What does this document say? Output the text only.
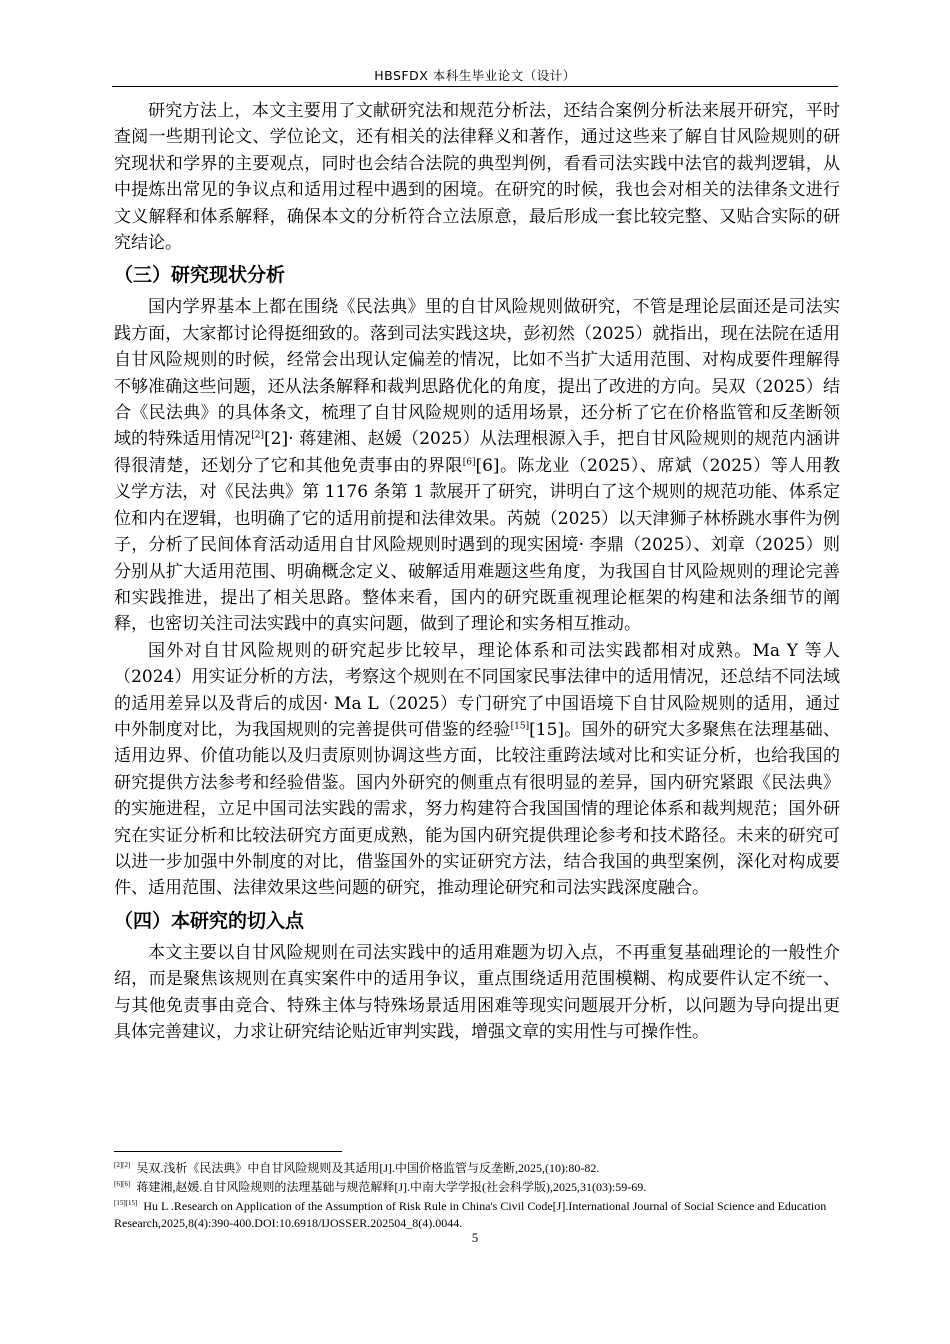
HBSFDX 本科生毕业论文（设计）

研究方法上，本文主要用了文献研究法和规范分析法，还结合案例分析法来展开研究，平时查阅一些期刊论文、学位论文，还有相关的法律释义和著作，通过这些来了解自甘风险规则的研究现状和学界的主要观点，同时也会结合法院的典型判例，看看司法实践中法官的裁判逻辑，从中提炼出常见的争议点和适用过程中遇到的困境。在研究的时候，我也会对相关的法律条文进行文义解释和体系解释，确保本文的分析符合立法原意，最后形成一套比较完整、又贴合实际的研究结论。

（三）研究现状分析

国内学界基本上都在围绕《民法典》里的自甘风险规则做研究，不管是理论层面还是司法实践方面，大家都讨论得挺细致的。落到司法实践这块，彭初然（2025）就指出，现在法院在适用自甘风险规则的时候，经常会出现认定偏差的情况，比如不当扩大适用范围、对构成要件理解得不够准确这些问题，还从法条解释和裁判思路优化的角度，提出了改进的方向。吴双（2025）结合《民法典》的具体条文，梳理了自甘风险规则的适用场景，还分析了它在价格监管和反垄断领域的特殊适用情况[2][2]· 蒋建湘、赵媛（2025）从法理根源入手，把自甘风险规则的规范内涵讲得很清楚，还划分了它和其他免责事由的界限[6][6]。陈龙业（2025）、席斌（2025）等人用教义学方法，对《民法典》第 1176 条第 1 款展开了研究，讲明白了这个规则的规范功能、体系定位和内在逻辑，也明确了它的适用前提和法律效果。芮兢（2025）以天津狮子林桥跳水事件为例子，分析了民间体育活动适用自甘风险规则时遇到的现实困境· 李鼎（2025）、刘章（2025）则分别从扩大适用范围、明确概念定义、破解适用难题这些角度，为我国自甘风险规则的理论完善和实践推进，提出了相关思路。整体来看，国内的研究既重视理论框架的构建和法条细节的阐释，也密切关注司法实践中的真实问题，做到了理论和实务相互推动。

国外对自甘风险规则的研究起步比较早，理论体系和司法实践都相对成熟。Ma Y 等人（2024）用实证分析的方法，考察这个规则在不同国家民事法律中的适用情况，还总结不同法域的适用差异以及背后的成因· Ma L（2025）专门研究了中国语境下自甘风险规则的适用，通过中外制度对比，为我国规则的完善提供可借鉴的经验[15][15]。国外的研究大多聚焦在法理基础、适用边界、价值功能以及归责原则协调这些方面，比较注重跨法域对比和实证分析，也给我国的研究提供方法参考和经验借鉴。国内外研究的侧重点有很明显的差异，国内研究紧跟《民法典》的实施进程，立足中国司法实践的需求，努力构建符合我国国情的理论体系和裁判规范；国外研究在实证分析和比较法研究方面更成熟，能为国内研究提供理论参考和技术路径。未来的研究可以进一步加强中外制度的对比，借鉴国外的实证研究方法，结合我国的典型案例，深化对构成要件、适用范围、法律效果这些问题的研究，推动理论研究和司法实践深度融合。

（四）本研究的切入点

本文主要以自甘风险规则在司法实践中的适用难题为切入点，不再重复基础理论的一般性介绍，而是聚焦该规则在真实案件中的适用争议，重点围绕适用范围模糊、构成要件认定不统一、与其他免责事由竞合、特殊主体与特殊场景适用困难等现实问题展开分析，以问题为导向提出更具体完善建议，力求让研究结论贴近审判实践，增强文章的实用性与可操作性。

[2][2] 吴双.浅析《民法典》中自甘风险规则及其适用[J].中国价格监管与反垄断,2025,(10):80-82.
[6][6] 蒋建湘,赵媛.自甘风险规则的法理基础与规范解释[J].中南大学学报(社会科学版),2025,31(03):59-69.
[15][15] Hu L .Research on Application of the Assumption of Risk Rule in China's Civil Code[J].International Journal of Social Science and Education Research,2025,8(4):390-400.DOI:10.6918/IJOSSER.202504_8(4).0044.
5
